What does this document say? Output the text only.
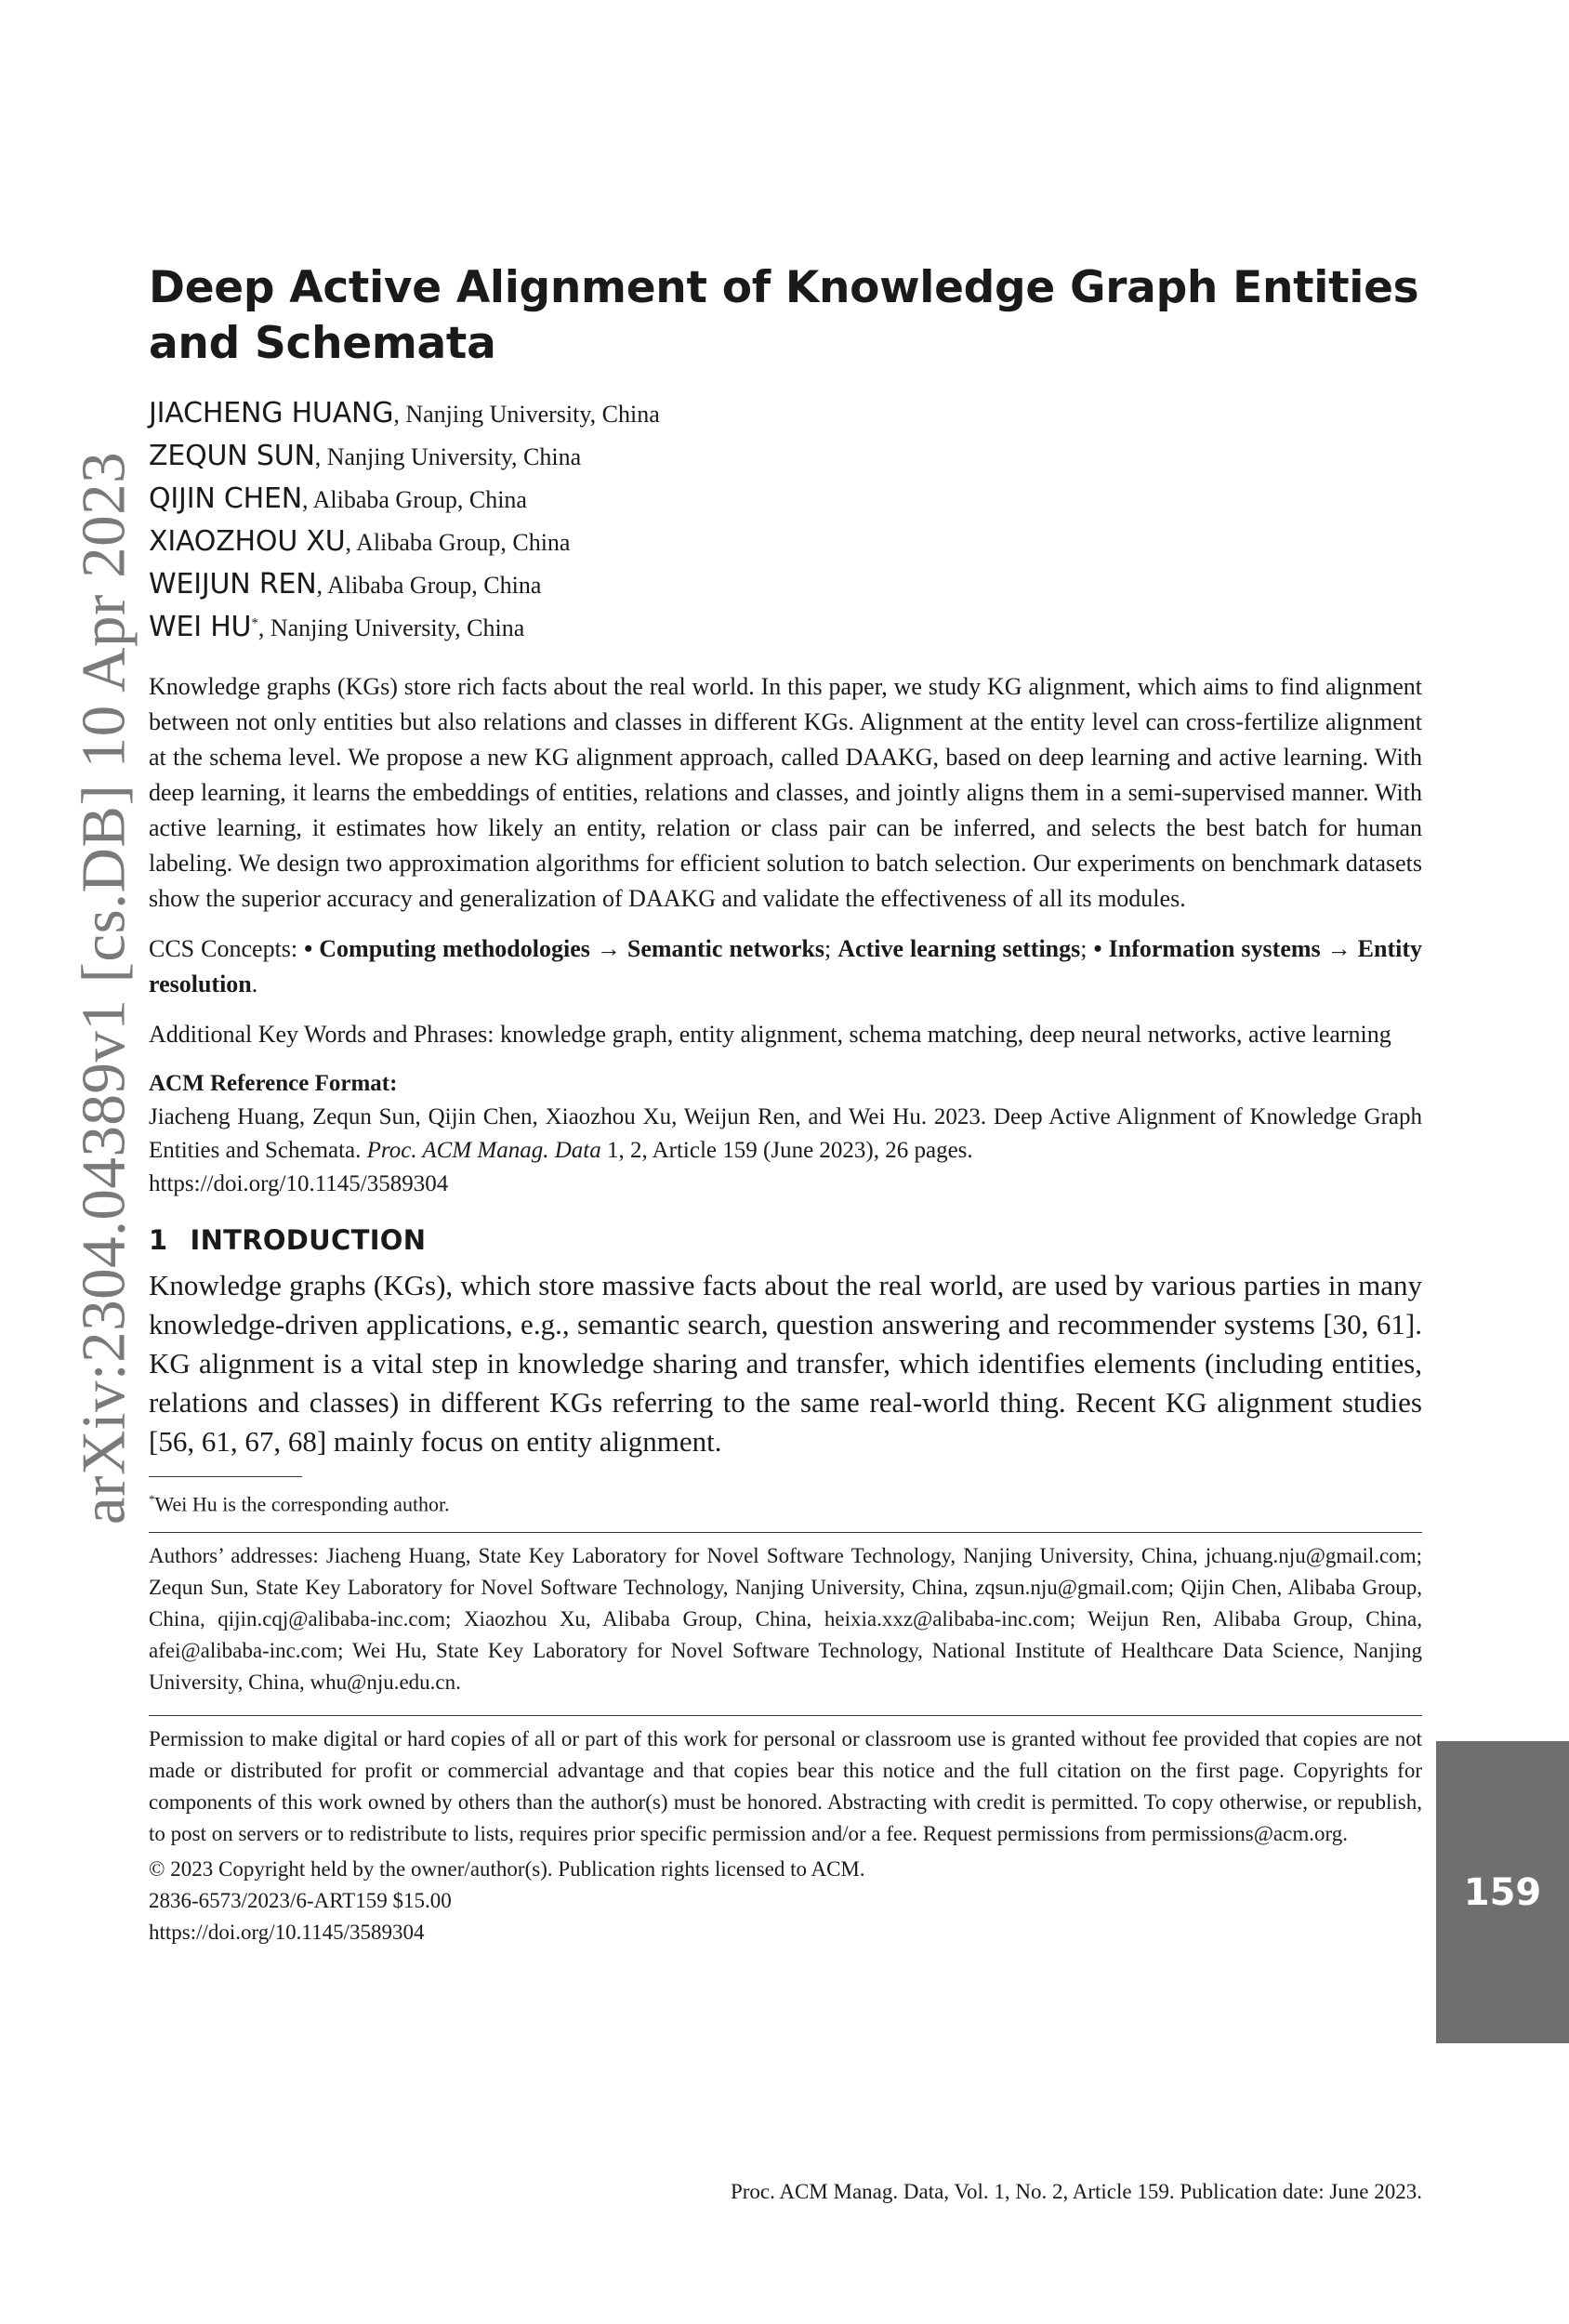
arXiv:2304.04389v1 [cs.DB] 10 Apr 2023
Deep Active Alignment of Knowledge Graph Entities and Schemata
JIACHENG HUANG, Nanjing University, China
ZEQUN SUN, Nanjing University, China
QIJIN CHEN, Alibaba Group, China
XIAOZHOU XU, Alibaba Group, China
WEIJUN REN, Alibaba Group, China
WEI HU*, Nanjing University, China

Knowledge graphs (KGs) store rich facts about the real world. In this paper, we study KG alignment, which aims to find alignment between not only entities but also relations and classes in different KGs. Alignment at the entity level can cross-fertilize alignment at the schema level. We propose a new KG alignment approach, called DAAKG, based on deep learning and active learning. With deep learning, it learns the embeddings of entities, relations and classes, and jointly aligns them in a semi-supervised manner. With active learning, it estimates how likely an entity, relation or class pair can be inferred, and selects the best batch for human labeling. We design two approximation algorithms for efficient solution to batch selection. Our experiments on benchmark datasets show the superior accuracy and generalization of DAAKG and validate the effectiveness of all its modules.

CCS Concepts: • Computing methodologies → Semantic networks; Active learning settings; • Information systems → Entity resolution.

Additional Key Words and Phrases: knowledge graph, entity alignment, schema matching, deep neural networks, active learning

ACM Reference Format:

Jiacheng Huang, Zequn Sun, Qijin Chen, Xiaozhou Xu, Weijun Ren, and Wei Hu. 2023. Deep Active Alignment of Knowledge Graph Entities and Schemata. Proc. ACM Manag. Data 1, 2, Article 159 (June 2023), 26 pages.

https://doi.org/10.1145/3589304

1 INTRODUCTION

Knowledge graphs (KGs), which store massive facts about the real world, are used by various parties in many knowledge-driven applications, e.g., semantic search, question answering and recommender systems [30, 61]. KG alignment is a vital step in knowledge sharing and transfer, which identifies elements (including entities, relations and classes) in different KGs referring to the same real-world thing. Recent KG alignment studies [56, 61, 67, 68] mainly focus on entity alignment.

*Wei Hu is the corresponding author.

Authors’ addresses: Jiacheng Huang, State Key Laboratory for Novel Software Technology, Nanjing University, China, jchuang.nju@gmail.com; Zequn Sun, State Key Laboratory for Novel Software Technology, Nanjing University, China, zqsun.nju@gmail.com; Qijin Chen, Alibaba Group, China, qijin.cqj@alibaba-inc.com; Xiaozhou Xu, Alibaba Group, China, heixia.xxz@alibaba-inc.com; Weijun Ren, Alibaba Group, China, afei@alibaba-inc.com; Wei Hu, State Key Laboratory for Novel Software Technology, National Institute of Healthcare Data Science, Nanjing University, China, whu@nju.edu.cn.

Permission to make digital or hard copies of all or part of this work for personal or classroom use is granted without fee provided that copies are not made or distributed for profit or commercial advantage and that copies bear this notice and the full citation on the first page. Copyrights for components of this work owned by others than the author(s) must be honored. Abstracting with credit is permitted. To copy otherwise, or republish, to post on servers or to redistribute to lists, requires prior specific permission and/or a fee. Request permissions from permissions@acm.org.

© 2023 Copyright held by the owner/author(s). Publication rights licensed to ACM.

2836-6573/2023/6-ART159 $15.00

https://doi.org/10.1145/3589304

159
Proc. ACM Manag. Data, Vol. 1, No. 2, Article 159. Publication date: June 2023.
